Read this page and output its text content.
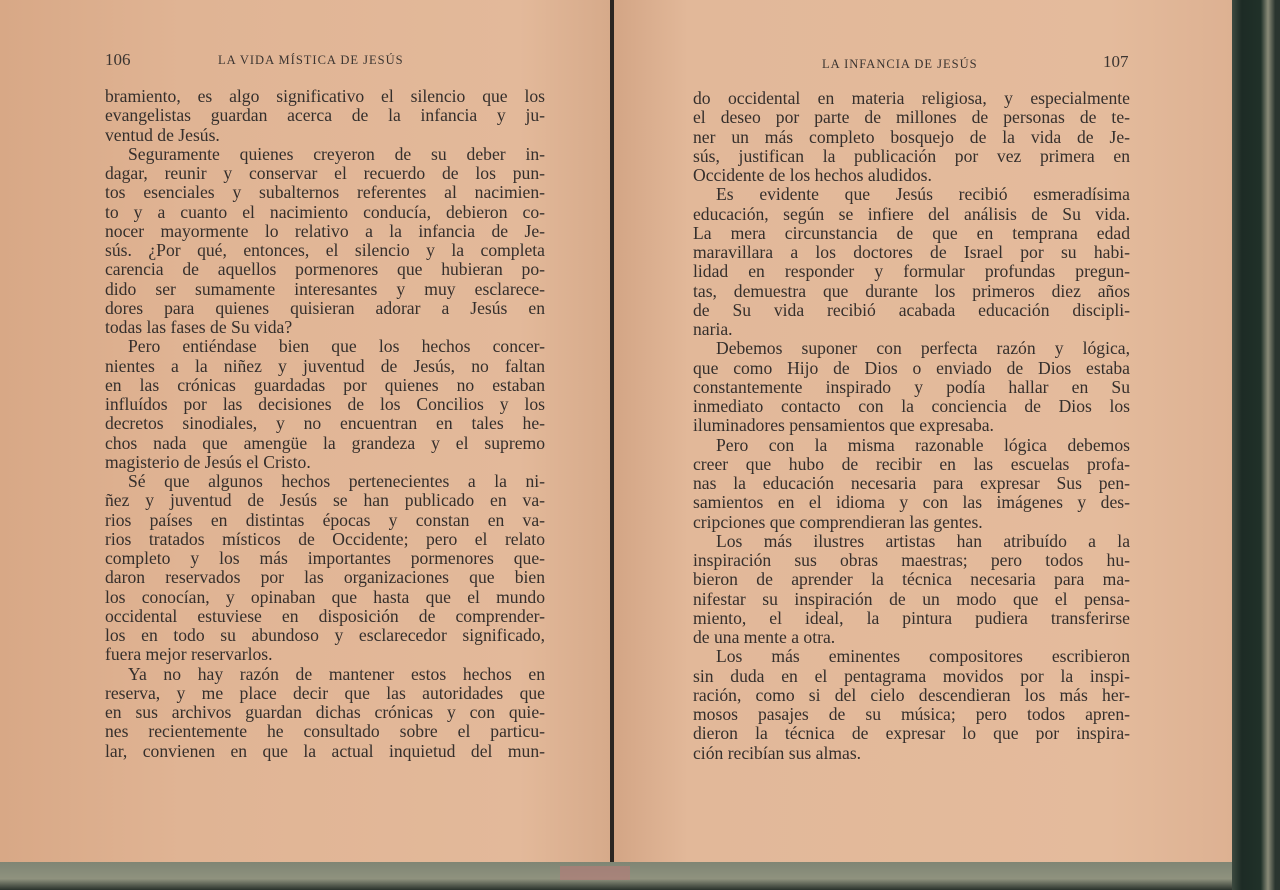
106	LA VIDA MÍSTICA DE JESÚS
bramiento, es algo significativo el silencio que los
evangelistas guardan acerca de la infancia y ju-
ventud de Jesús.
Seguramente quienes creyeron de su deber in-
dagar, reunir y conservar el recuerdo de los pun-
tos esenciales y subalternos referentes al nacimien-
to y a cuanto el nacimiento conducía, debieron co-
nocer mayormente lo relativo a la infancia de Je-
sús. ¿Por qué, entonces, el silencio y la completa
carencia de aquellos pormenores que hubieran po-
dido ser sumamente interesantes y muy esclarece-
dores para quienes quisieran adorar a Jesús en
todas las fases de Su vida?
Pero entiéndase bien que los hechos concer-
nientes a la niñez y juventud de Jesús, no faltan
en las crónicas guardadas por quienes no estaban
influídos por las decisiones de los Concilios y los
decretos sinodiales, y no encuentran en tales he-
chos nada que amengüe la grandeza y el supremo
magisterio de Jesús el Cristo.
Sé que algunos hechos pertenecientes a la ni-
ñez y juventud de Jesús se han publicado en va-
rios países en distintas épocas y constan en va-
rios tratados místicos de Occidente; pero el relato
completo y los más importantes pormenores que-
daron reservados por las organizaciones que bien
los conocían, y opinaban que hasta que el mundo
occidental estuviese en disposición de comprender-
los en todo su abundoso y esclarecedor significado,
fuera mejor reservarlos.
Ya no hay razón de mantener estos hechos en
reserva, y me place decir que las autoridades que
en sus archivos guardan dichas crónicas y con quie-
nes recientemente he consultado sobre el particu-
lar, convienen en que la actual inquietud del mun-
LA INFANCIA DE JESÚS	107
do occidental en materia religiosa, y especialmente
el deseo por parte de millones de personas de te-
ner un más completo bosquejo de la vida de Je-
sús, justifican la publicación por vez primera en
Occidente de los hechos aludidos.
Es evidente que Jesús recibió esmeradísima
educación, según se infiere del análisis de Su vida.
La mera circunstancia de que en temprana edad
maravillara a los doctores de Israel por su habi-
lidad en responder y formular profundas pregun-
tas, demuestra que durante los primeros diez años
de Su vida recibió acabada educación discipli-
naria.
Debemos suponer con perfecta razón y lógica,
que como Hijo de Dios o enviado de Dios estaba
constantemente inspirado y podía hallar en Su
inmediato contacto con la conciencia de Dios los
iluminadores pensamientos que expresaba.
Pero con la misma razonable lógica debemos
creer que hubo de recibir en las escuelas profa-
nas la educación necesaria para expresar Sus pen-
samientos en el idioma y con las imágenes y des-
cripciones que comprendieran las gentes.
Los más ilustres artistas han atribuído a la
inspiración sus obras maestras; pero todos hu-
bieron de aprender la técnica necesaria para ma-
nifestar su inspiración de un modo que el pensa-
miento, el ideal, la pintura pudiera transferirse
de una mente a otra.
Los más eminentes compositores escribieron
sin duda en el pentagrama movidos por la inspi-
ración, como si del cielo descendieran los más her-
mosos pasajes de su música; pero todos apren-
dieron la técnica de expresar lo que por inspira-
ción recibían sus almas.
